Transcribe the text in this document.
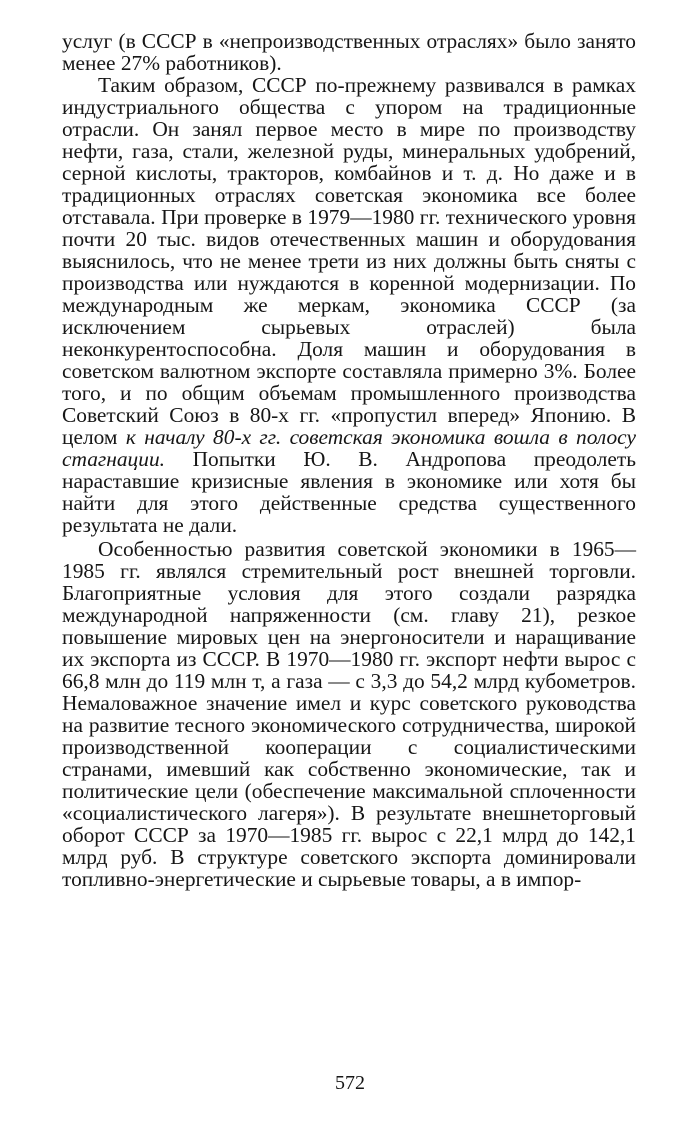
услуг (в СССР в «непроизводственных отраслях» было занято менее 27% работников).

Таким образом, СССР по-прежнему развивался в рамках индустриального общества с упором на традиционные отрасли. Он занял первое место в мире по производству нефти, газа, стали, железной руды, минеральных удобрений, серной кислоты, тракторов, комбайнов и т. д. Но даже и в традиционных отраслях советская экономика все более отставала. При проверке в 1979—1980 гг. технического уровня почти 20 тыс. видов отечественных машин и оборудования выяснилось, что не менее трети из них должны быть сняты с производства или нуждаются в коренной модернизации. По международным же меркам, экономика СССР (за исключением сырьевых отраслей) была неконкурентоспособна. Доля машин и оборудования в советском валютном экспорте составляла примерно 3%. Более того, и по общим объемам промышленного производства Советский Союз в 80-х гг. «пропустил вперед» Японию. В целом к началу 80-х гг. советская экономика вошла в полосу стагнации. Попытки Ю. В. Андропова преодолеть нараставшие кризисные явления в экономике или хотя бы найти для этого действенные средства существенного результата не дали.

Особенностью развития советской экономики в 1965—1985 гг. являлся стремительный рост внешней торговли. Благоприятные условия для этого создали разрядка международной напряженности (см. главу 21), резкое повышение мировых цен на энергоносители и наращивание их экспорта из СССР. В 1970—1980 гг. экспорт нефти вырос с 66,8 млн до 119 млн т, а газа — с 3,3 до 54,2 млрд кубометров. Немаловажное значение имел и курс советского руководства на развитие тесного экономического сотрудничества, широкой производственной кооперации с социалистическими странами, имевший как собственно экономические, так и политические цели (обеспечение максимальной сплоченности «социалистического лагеря»). В результате внешнеторговый оборот СССР за 1970—1985 гг. вырос с 22,1 млрд до 142,1 млрд руб. В структуре советского экспорта доминировали топливно-энергетические и сырьевые товары, а в импор-

572
